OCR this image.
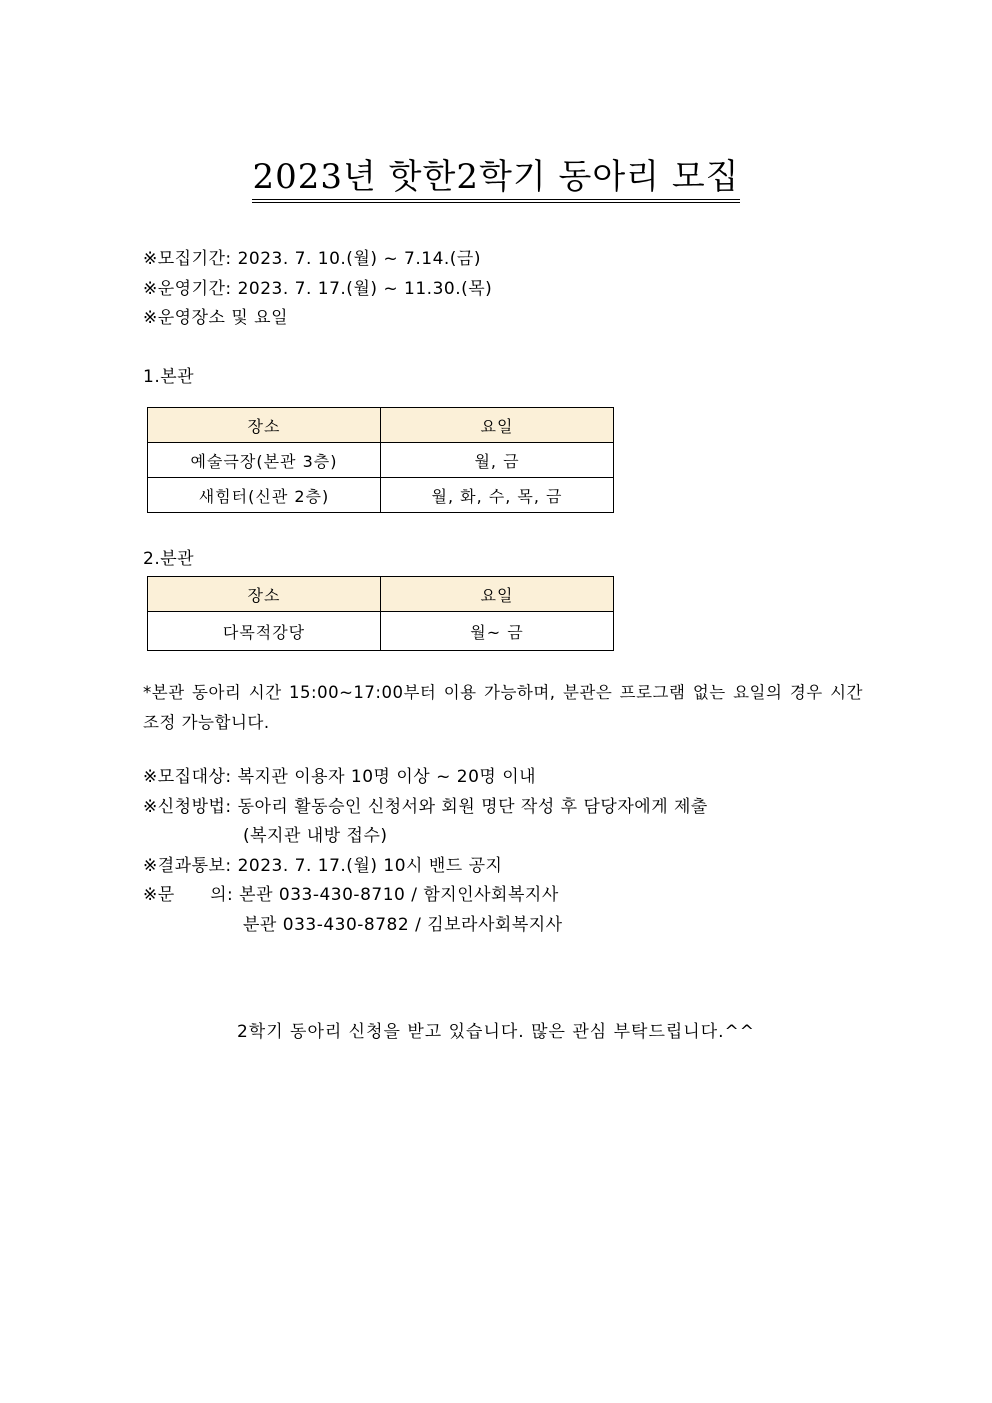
2023년 핫한2학기 동아리 모집
※모집기간: 2023. 7. 10.(월) ~ 7.14.(금)
※운영기간: 2023. 7. 17.(월) ~ 11.30.(목)
※운영장소 및 요일
1.본관
장소	요일
예술극장(본관 3층)	월, 금
새힘터(신관 2층)	월, 화, 수, 목, 금
2.분관
장소	요일
다목적강당	월~ 금
*본관 동아리 시간 15:00~17:00부터 이용 가능하며, 분관은 프로그램 없는 요일의 경우 시간 조정 가능합니다.
※모집대상: 복지관 이용자 10명 이상 ~ 20명 이내
※신청방법: 동아리 활동승인 신청서와 회원 명단 작성 후 담당자에게 제출
(복지관 내방 접수)
※결과통보: 2023. 7. 17.(월) 10시 밴드 공지
※문      의: 본관 033-430-8710 / 함지인사회복지사
분관 033-430-8782 / 김보라사회복지사
2학기 동아리 신청을 받고 있습니다. 많은 관심 부탁드립니다.^^
